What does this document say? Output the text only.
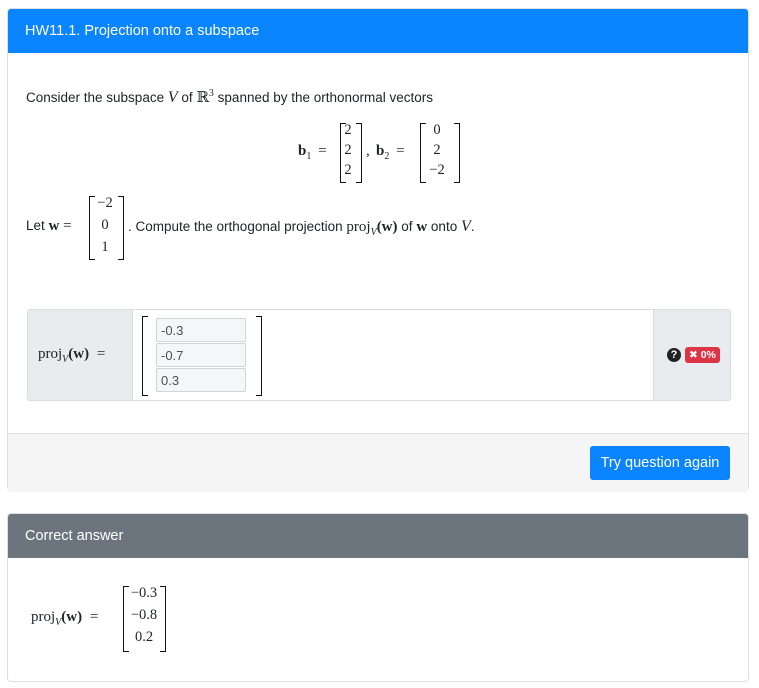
HW11.1. Projection onto a subspace
Consider the subspace V of ℝ$^3$ spanned by the orthonormal vectors
$b_1$ =
2
2
2
, $b_2$ =
0
2
−2
Let w =
−2
0
1
. Compute the orthogonal projection proj$_V$(w) of w onto V.
proj$_V$(w) =
-0.3
-0.7
0.3	?	✖ 0%
Try question again
Correct answer
proj$_V$(w) =
−0.3
−0.8
0.2
